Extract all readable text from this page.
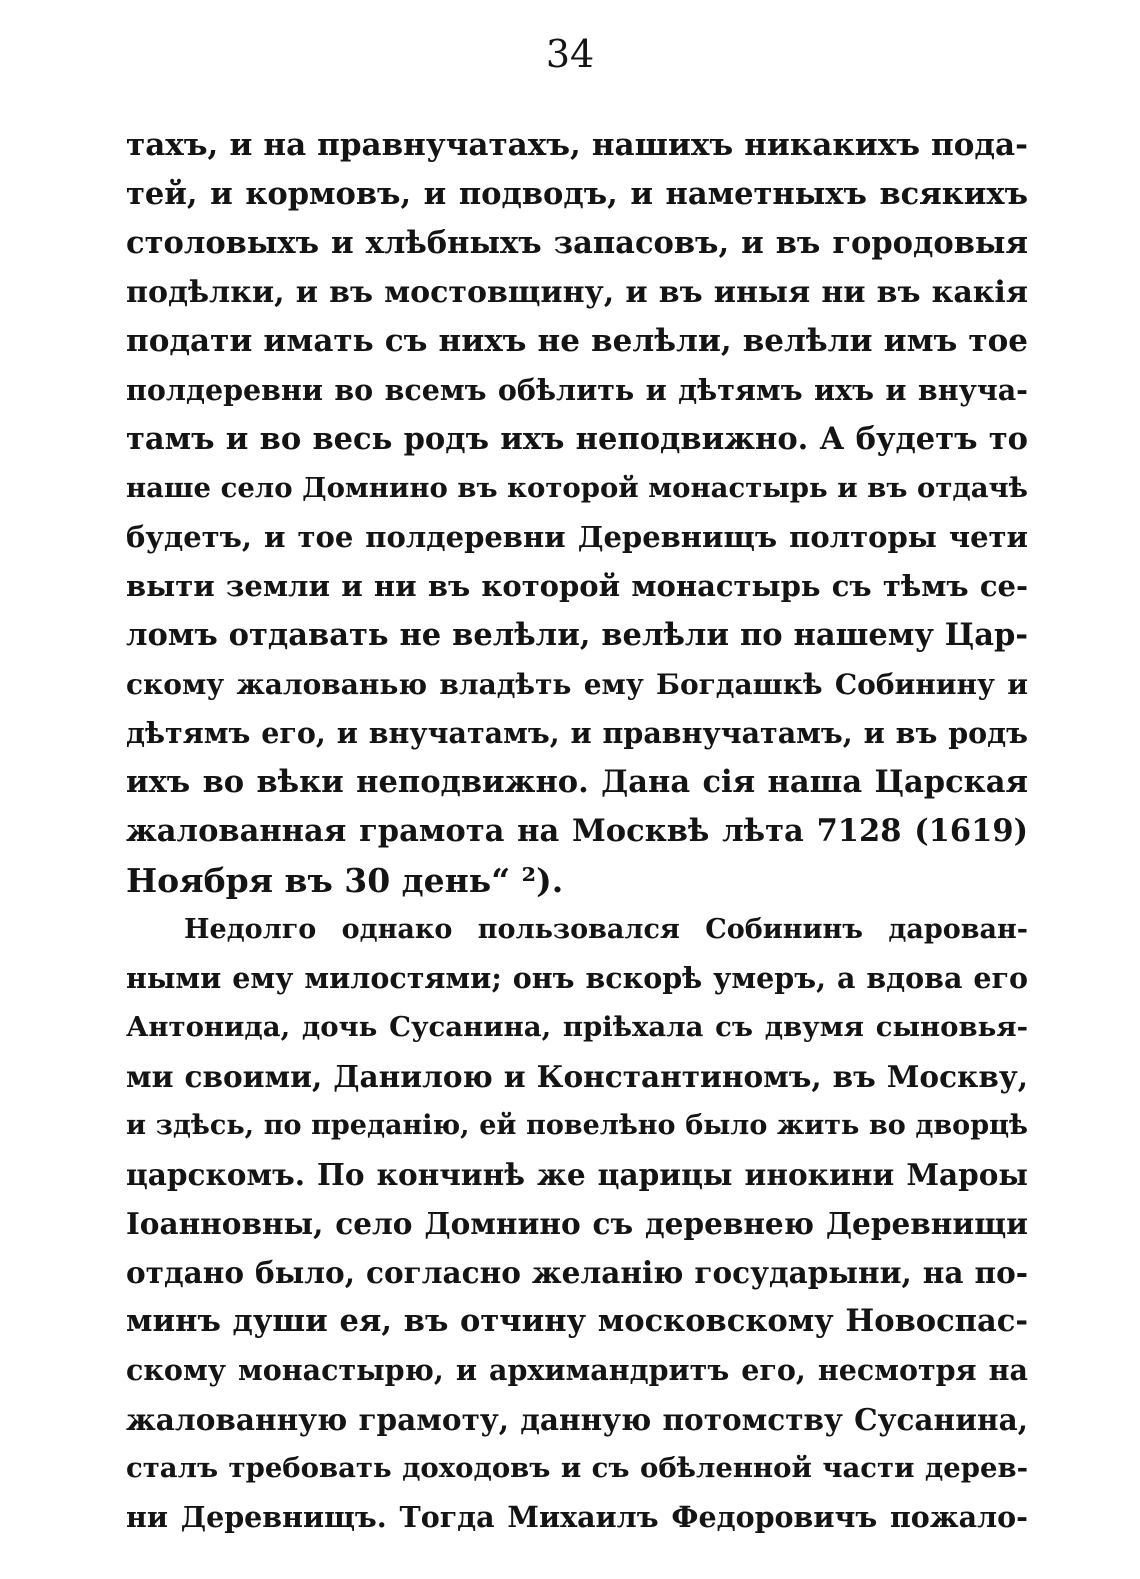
34
тахъ, и на правнучатахъ, нашихъ никакихъ пода-
тей, и кормовъ, и подводъ, и наметныхъ всякихъ
столовыхъ и хлѣбныхъ запасовъ, и въ городовыя
подѣлки, и въ мостовщину, и въ иныя ни въ какія
подати имать съ нихъ не велѣли, велѣли имъ тое
полдеревни во всемъ обѣлить и дѣтямъ ихъ и внуча-
тамъ и во весь родъ ихъ неподвижно. А будетъ то
наше село Домнино въ которой монастырь и въ отдачѣ
будетъ, и тое полдеревни Деревнищъ полторы чети
выти земли и ни въ которой монастырь съ тѣмъ се-
ломъ отдавать не велѣли, велѣли по нашему Цар-
скому жалованью владѣть ему Богдашкѣ Собинину и
дѣтямъ его, и внучатамъ, и правнучатамъ, и въ родъ
ихъ во вѣки неподвижно. Дана сія наша Царская
жалованная грамота на Москвѣ лѣта 7128 (1619)
Ноября въ 30 день“ ²).
Недолго однако пользовался Собининъ дарован-
ными ему милостями; онъ вскорѣ умеръ, а вдова его
Антонида, дочь Сусанина, пріѣхала съ двумя сыновья-
ми своими, Данилою и Константиномъ, въ Москву,
и здѣсь, по преданію, ей повелѣно было жить во дворцѣ
царскомъ. По кончинѣ же царицы инокини Мароы
Іоанновны, село Домнино съ деревнею Деревнищи
отдано было, согласно желанію государыни, на по-
минъ души ея, въ отчину московскому Новоспас-
скому монастырю, и архимандритъ его, несмотря на
жалованную грамоту, данную потомству Сусанина,
сталъ требовать доходовъ и съ обѣленной части дерев-
ни Деревнищъ. Тогда Михаилъ Федоровичъ пожало-
